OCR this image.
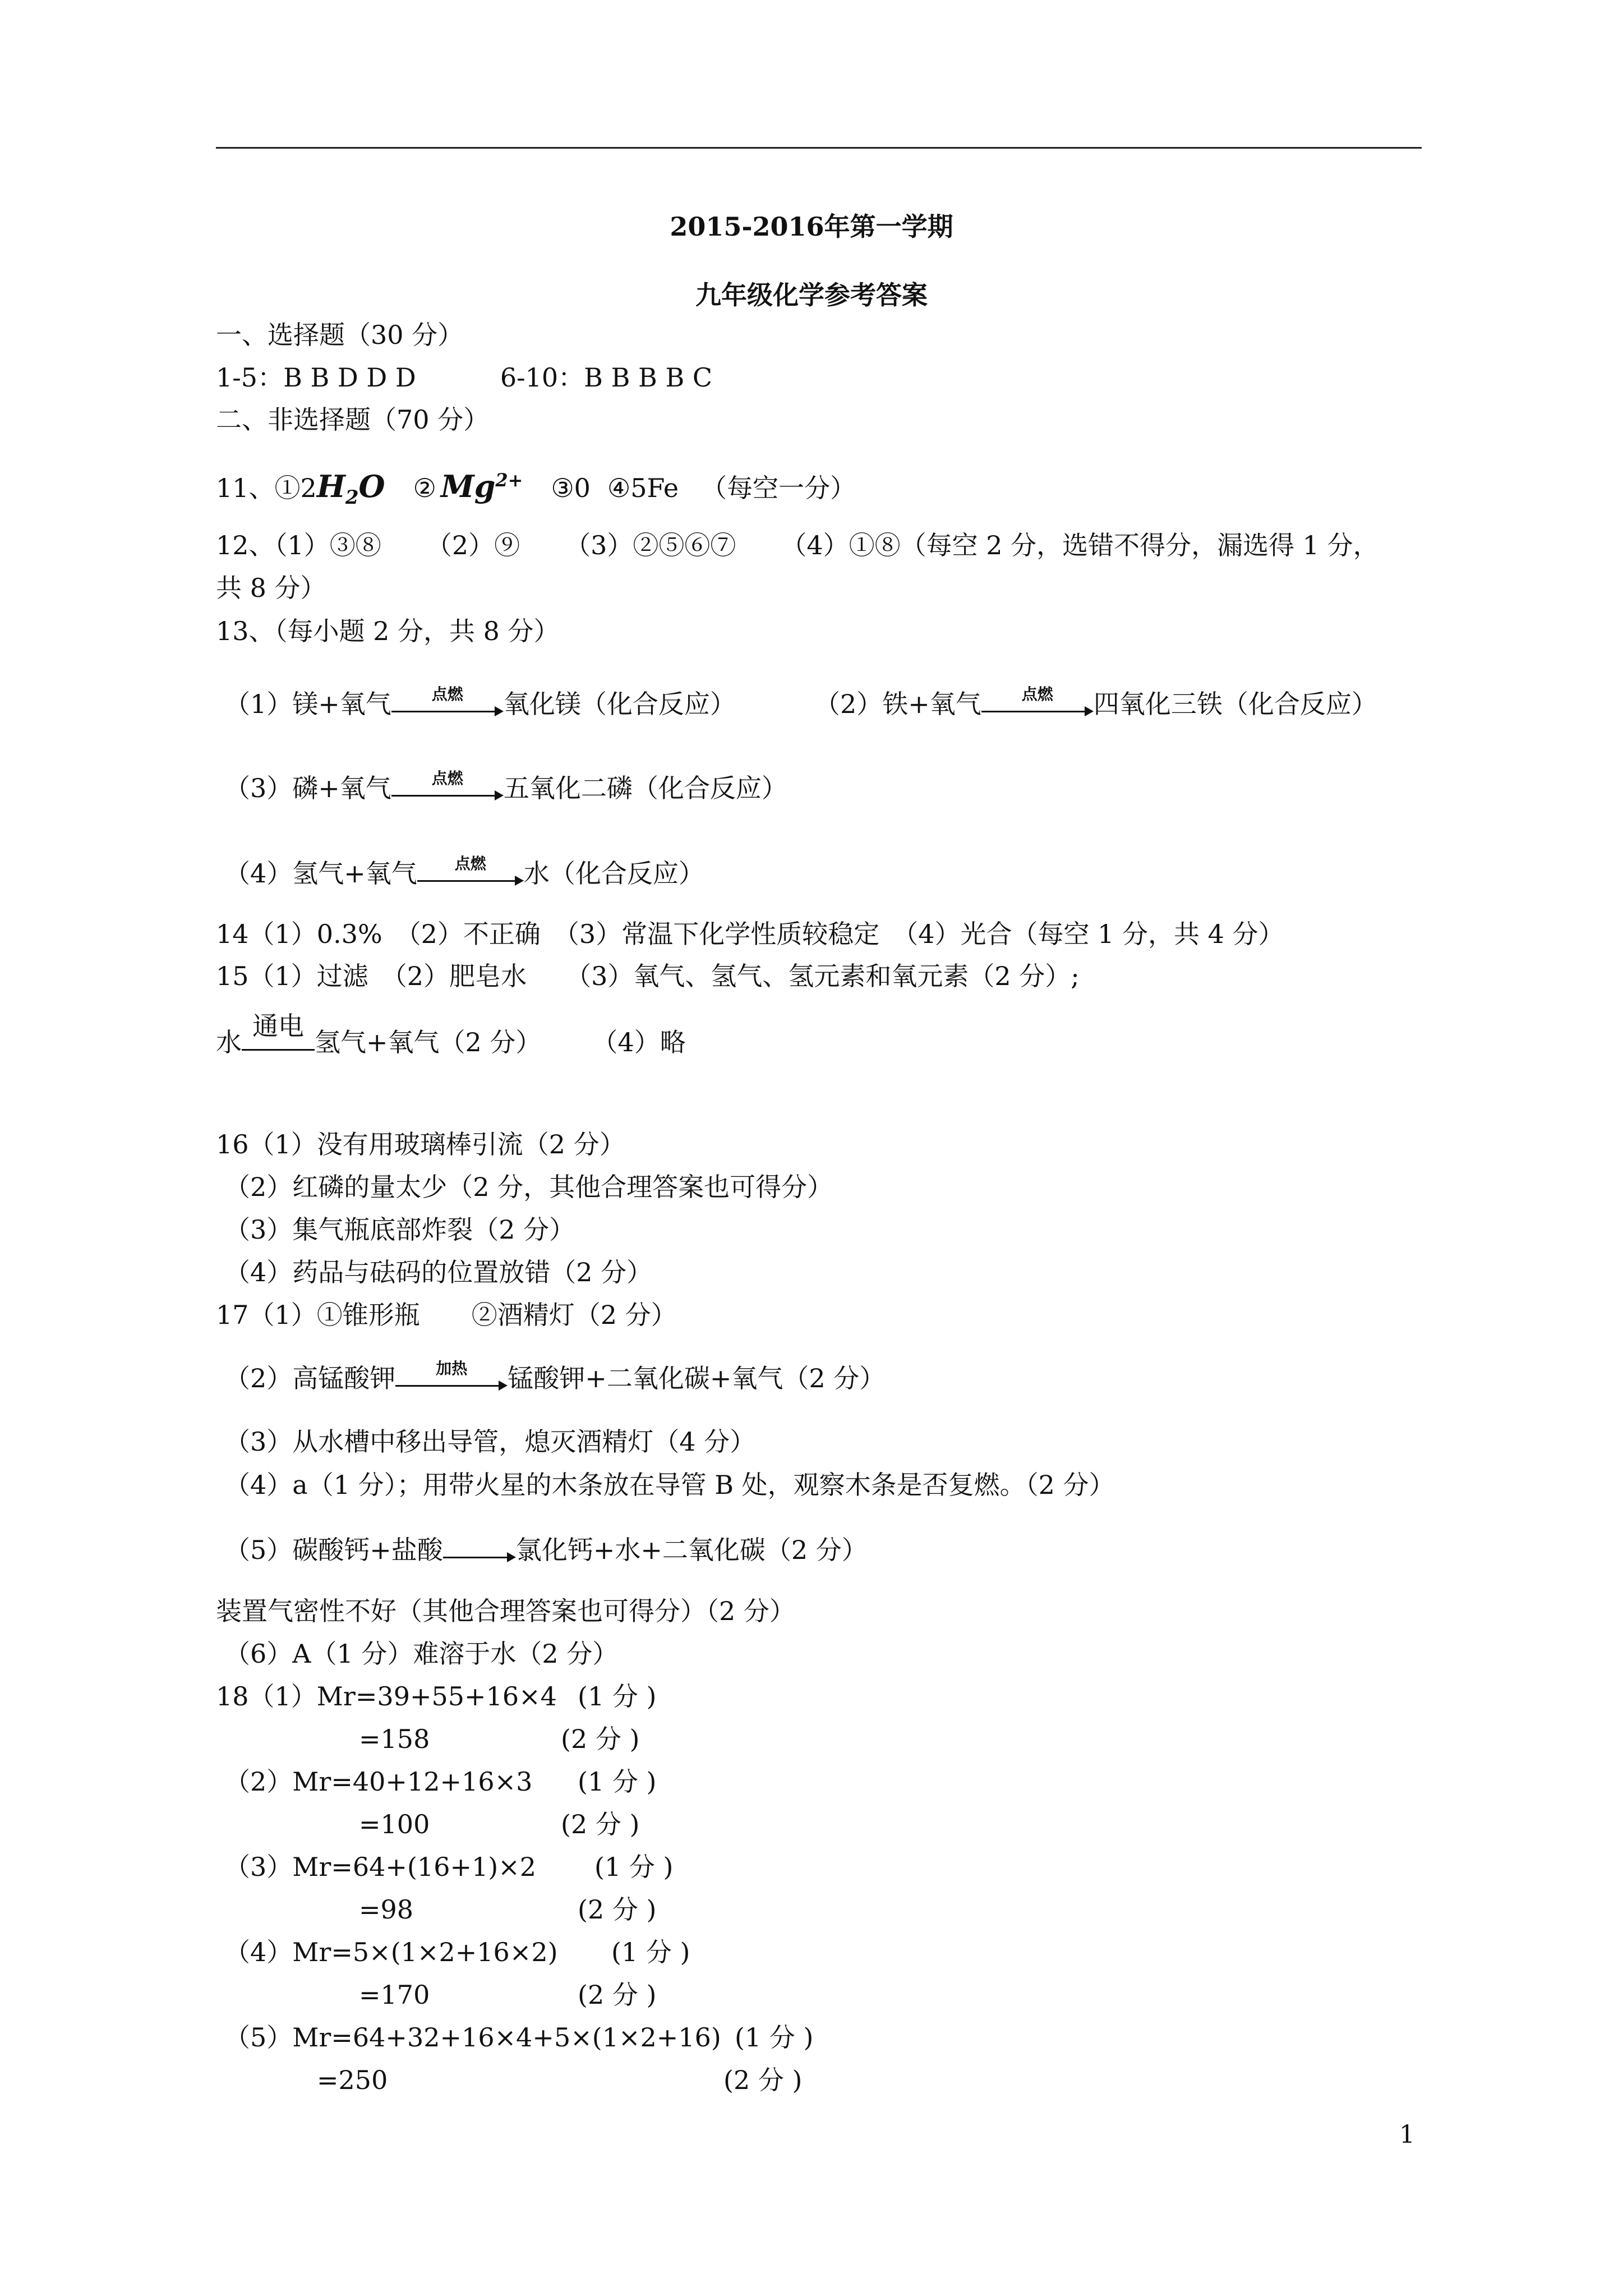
2015-2016年第一学期
九年级化学参考答案
一、选择题（30 分）
1-5：B B D D D	6-10：B B B B C
二、非选择题（70 分）
11、$①2H_2O$ ② $Mg^{2+}$ ③0 ④5Fe （每空一分）
12、（1）③⑧ （2）⑨ （3）②⑤⑥⑦ （4）①⑧（每空 2 分，选错不得分，漏选得 1 分，
共 8 分）
13、（每小题 2 分，共 8 分）
（1）镁+氧气	点燃	氧化镁（化合反应）	（2）铁+氧气	点燃	四氧化三铁（化合反应）
（3）磷+氧气	点燃	五氧化二磷（化合反应）
（4）氢气+氧气	点燃	水（化合反应）
14（1）0.3%　（2）不正确　（3）常温下化学性质较稳定　（4）光合（每空 1 分，共 4 分）
15（1）过滤　（2）肥皂水　　（3）氧气、氢气、氢元素和氧元素（2 分）;
水
通电
氢气+氧气（2 分） （4）略
16（1）没有用玻璃棒引流（2 分）
（2）红磷的量太少（2 分，其他合理答案也可得分）
（3）集气瓶底部炸裂（2 分）
（4）药品与砝码的位置放错（2 分）
17（1）①锥形瓶　　②酒精灯（2 分）
（2）高锰酸钾	加热	锰酸钾+二氧化碳+氧气（2 分）
（3）从水槽中移出导管，熄灭酒精灯（4 分）
（4）a（1 分）；用带火星的木条放在导管 B 处，观察木条是否复燃。（2 分）
（5）碳酸钙+盐酸	氯化钙+水+二氧化碳（2 分）
装置气密性不好（其他合理答案也可得分）（2 分）
（6）A（1 分）难溶于水（2 分）
18（1）Mr=39+55+16×4 (1 分 )
=158	(2 分 )
（2）Mr=40+12+16×3 (1 分 )
=100	(2 分 )
（3）Mr=64+(16+1)×2 (1 分 )
=98	(2 分 )
（4）Mr=5×(1×2+16×2) (1 分 )
=170	(2 分 )
（5）Mr=64+32+16×4+5×(1×2+16) (1 分 )
=250	(2 分 )
1
